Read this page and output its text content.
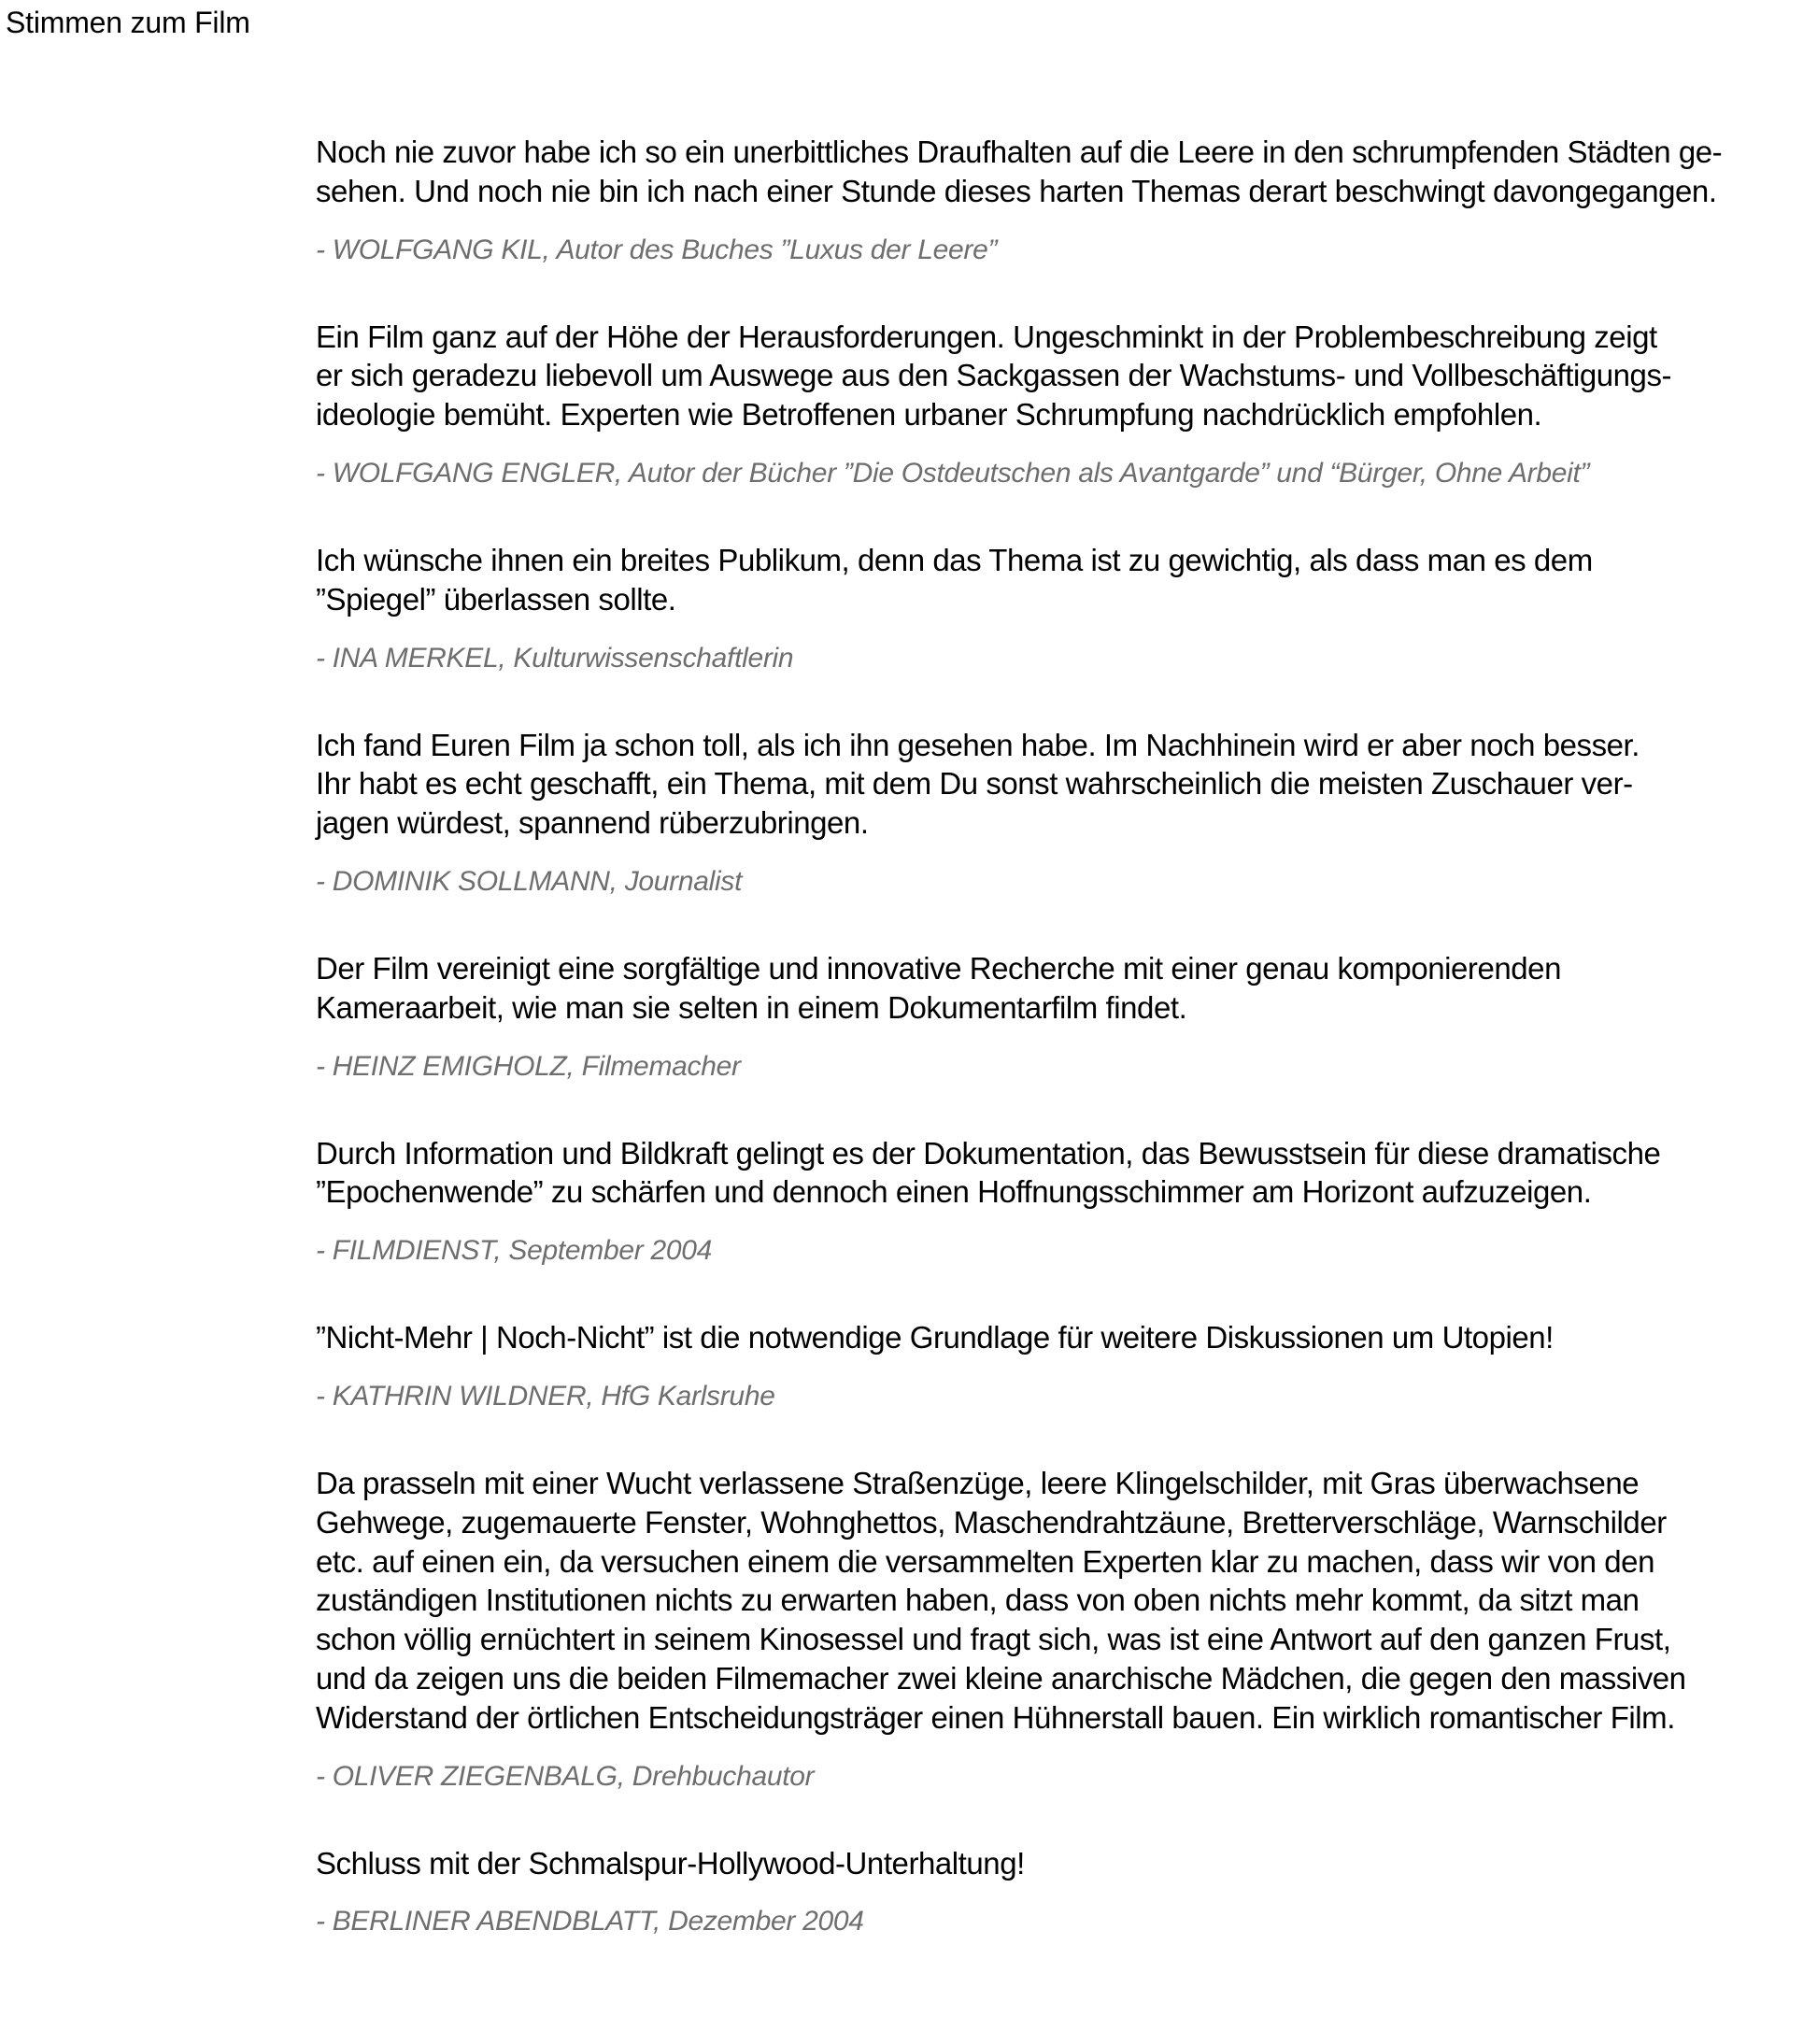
Stimmen zum Film
Noch nie zuvor habe ich so ein unerbittliches Draufhalten auf die Leere in den schrumpfenden Städten ge-
sehen. Und noch nie bin ich nach einer Stunde dieses harten Themas derart beschwingt davongegangen.
- WOLFGANG KIL, Autor des Buches ”Luxus der Leere”
Ein Film ganz auf der Höhe der Herausforderungen. Ungeschminkt in der Problembeschreibung zeigt
er sich geradezu liebevoll um Auswege aus den Sackgassen der Wachstums- und Vollbeschäftigungs-
ideologie bemüht. Experten wie Betroffenen urbaner Schrumpfung nachdrücklich empfohlen.
- WOLFGANG ENGLER, Autor der Bücher ”Die Ostdeutschen als Avantgarde” und “Bürger, Ohne Arbeit”
Ich wünsche ihnen ein breites Publikum, denn das Thema ist zu gewichtig, als dass man es dem
”Spiegel” überlassen sollte.
- INA MERKEL, Kulturwissenschaftlerin
Ich fand Euren Film ja schon toll, als ich ihn gesehen habe. Im Nachhinein wird er aber noch besser.
Ihr habt es echt geschafft, ein Thema, mit dem Du sonst wahrscheinlich die meisten Zuschauer ver-
jagen würdest, spannend rüberzubringen.
- DOMINIK SOLLMANN, Journalist
Der Film vereinigt eine sorgfältige und innovative Recherche mit einer genau komponierenden
Kameraarbeit, wie man sie selten in einem Dokumentarfilm findet.
- HEINZ EMIGHOLZ, Filmemacher
Durch Information und Bildkraft gelingt es der Dokumentation, das Bewusstsein für diese dramatische
”Epochenwende” zu schärfen und dennoch einen Hoffnungsschimmer am Horizont aufzuzeigen.
- FILMDIENST, September 2004
”Nicht-Mehr | Noch-Nicht” ist die notwendige Grundlage für weitere Diskussionen um Utopien!
- KATHRIN WILDNER, HfG Karlsruhe
Da prasseln mit einer Wucht verlassene Straßenzüge, leere Klingelschilder, mit Gras überwachsene
Gehwege, zugemauerte Fenster, Wohnghettos, Maschendrahtzäune, Bretterverschläge, Warnschilder
etc. auf einen ein, da versuchen einem die versammelten Experten klar zu machen, dass wir von den
zuständigen Institutionen nichts zu erwarten haben, dass von oben nichts mehr kommt, da sitzt man
schon völlig ernüchtert in seinem Kinosessel und fragt sich, was ist eine Antwort auf den ganzen Frust,
und da zeigen uns die beiden Filmemacher zwei kleine anarchische Mädchen, die gegen den massiven
Widerstand der örtlichen Entscheidungsträger einen Hühnerstall bauen. Ein wirklich romantischer Film.
- OLIVER ZIEGENBALG, Drehbuchautor
Schluss mit der Schmalspur-Hollywood-Unterhaltung!
- BERLINER ABENDBLATT, Dezember 2004
